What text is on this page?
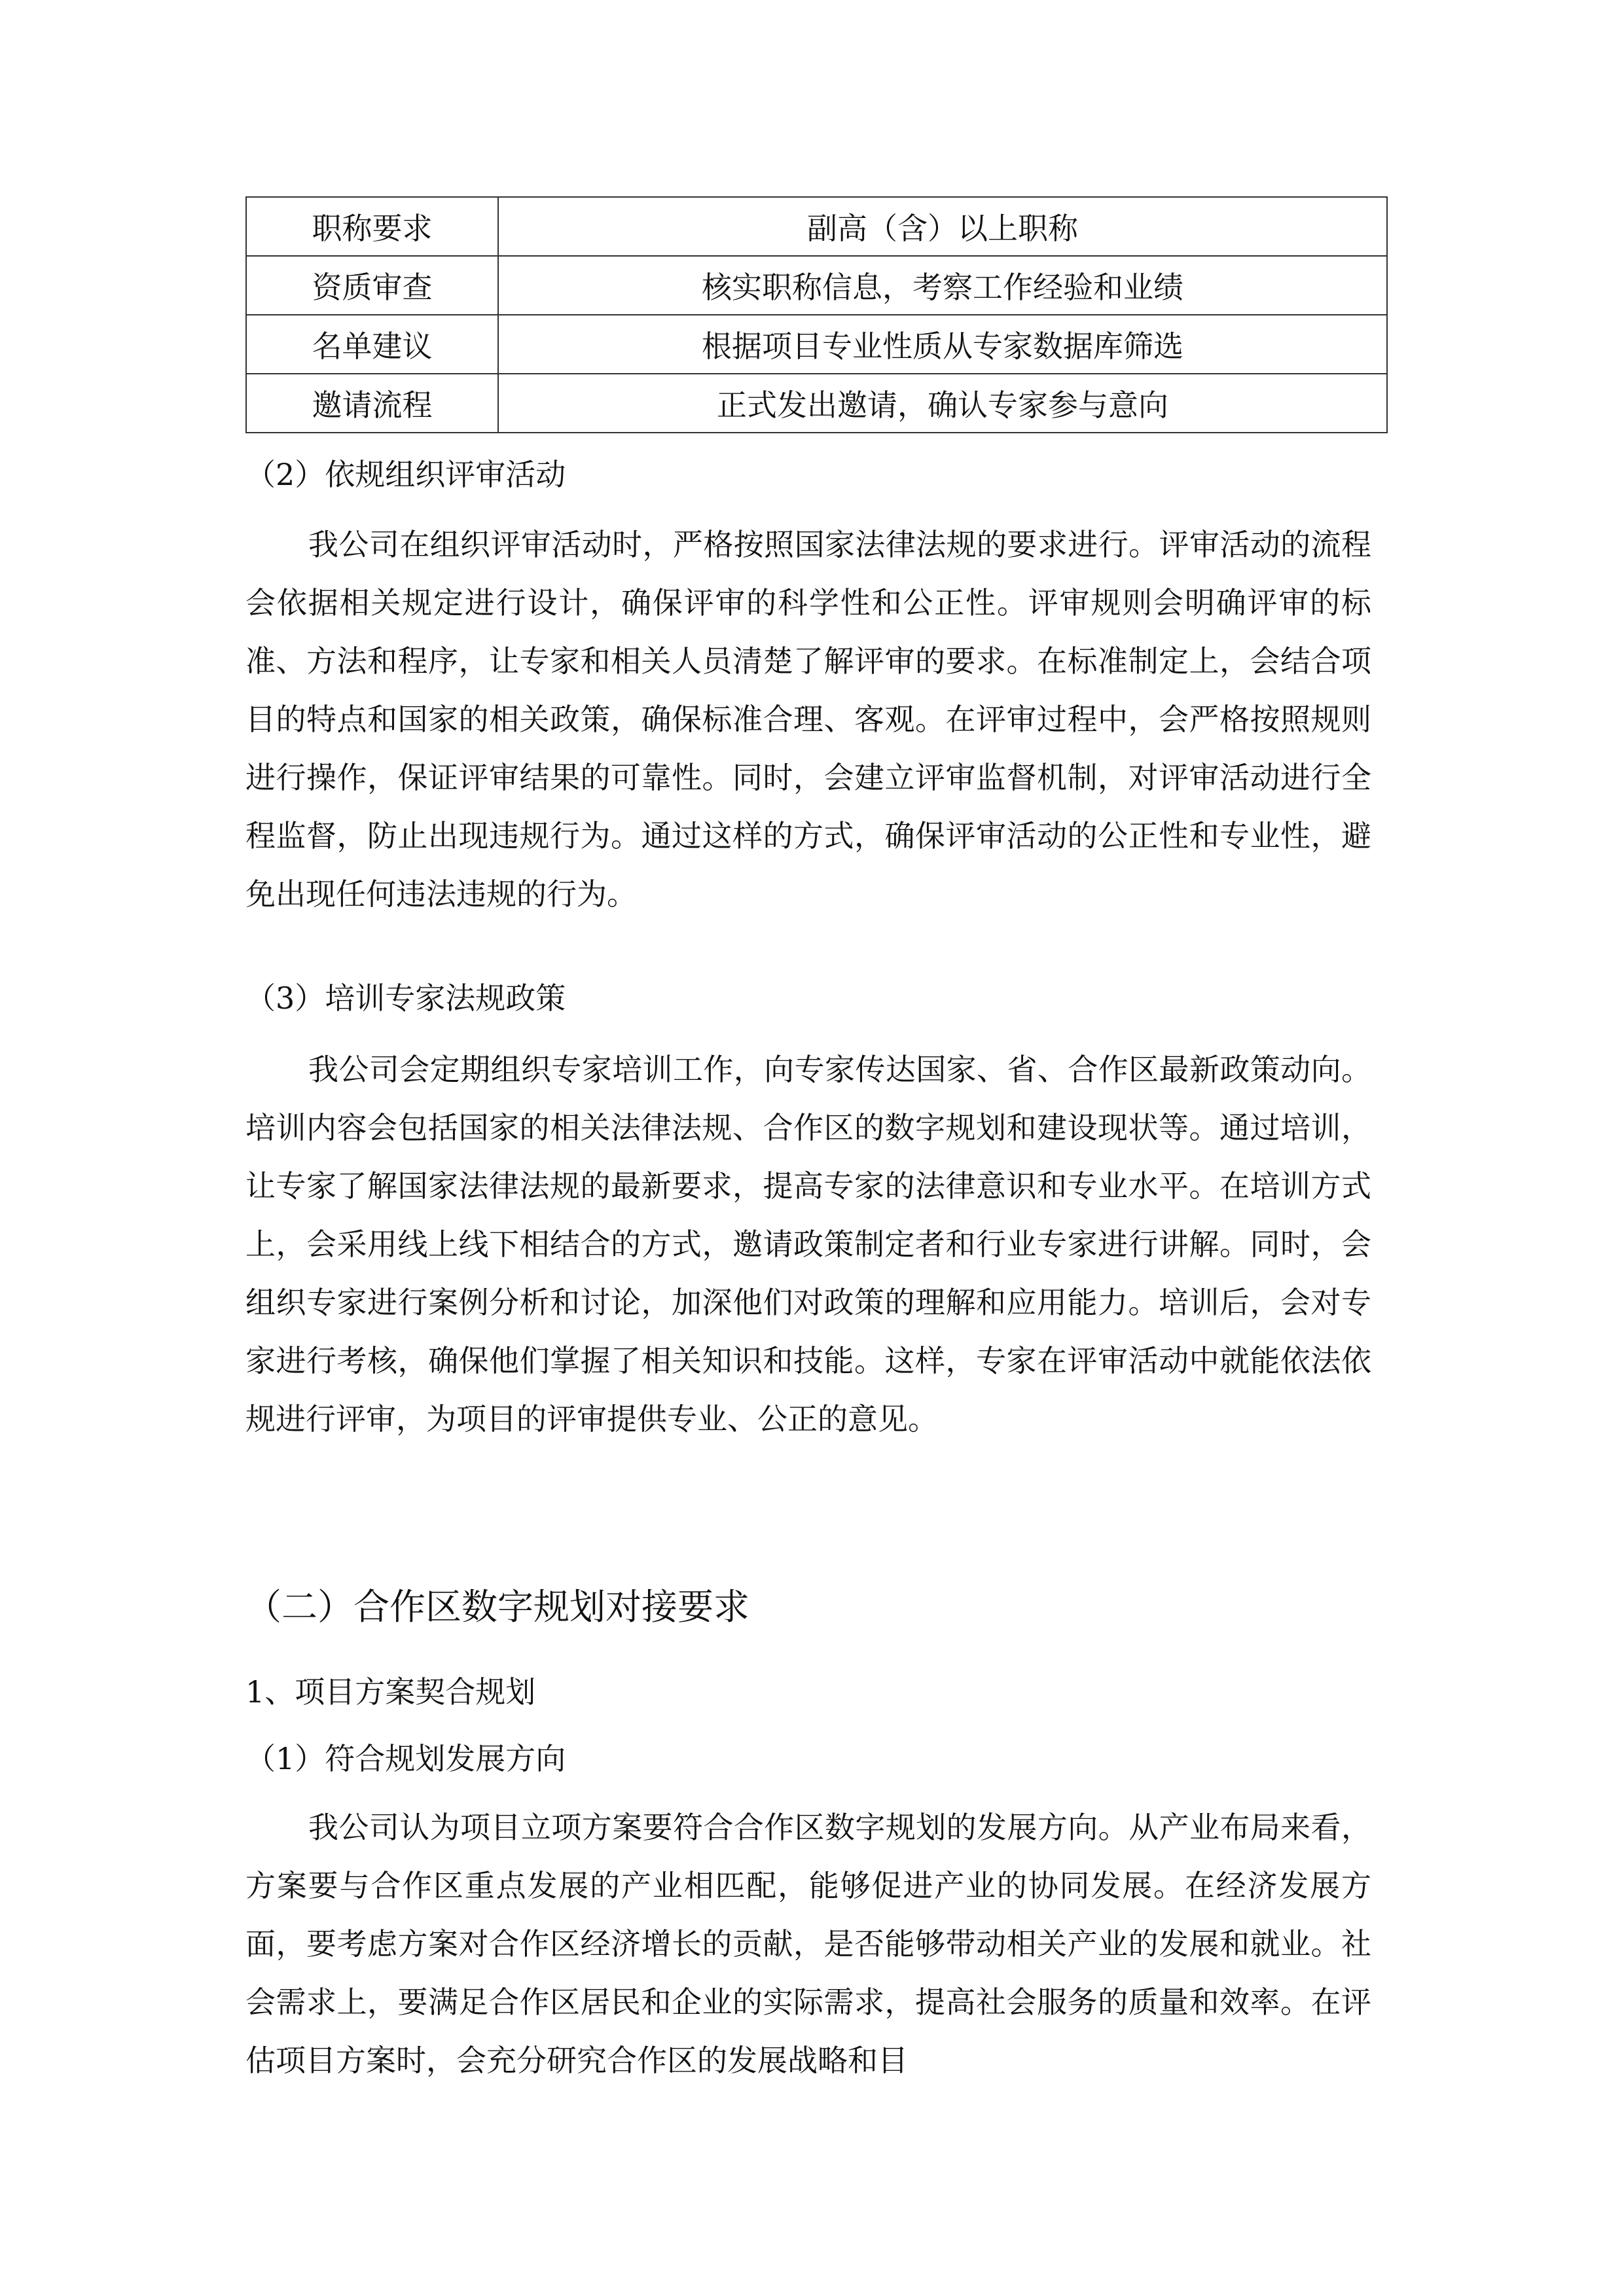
职称要求	副高（含）以上职称
资质审查	核实职称信息，考察工作经验和业绩
名单建议	根据项目专业性质从专家数据库筛选
邀请流程	正式发出邀请，确认专家参与意向
（2）依规组织评审活动
我公司在组织评审活动时，严格按照国家法律法规的要求进行。评审活动的流程会依据相关规定进行设计，确保评审的科学性和公正性。评审规则会明确评审的标准、方法和程序，让专家和相关人员清楚了解评审的要求。在标准制定上，会结合项目的特点和国家的相关政策，确保标准合理、客观。在评审过程中，会严格按照规则进行操作，保证评审结果的可靠性。同时，会建立评审监督机制，对评审活动进行全程监督，防止出现违规行为。通过这样的方式，确保评审活动的公正性和专业性，避免出现任何违法违规的行为。
（3）培训专家法规政策
我公司会定期组织专家培训工作，向专家传达国家、省、合作区最新政策动向。培训内容会包括国家的相关法律法规、合作区的数字规划和建设现状等。通过培训，让专家了解国家法律法规的最新要求，提高专家的法律意识和专业水平。在培训方式上，会采用线上线下相结合的方式，邀请政策制定者和行业专家进行讲解。同时，会组织专家进行案例分析和讨论，加深他们对政策的理解和应用能力。培训后，会对专家进行考核，确保他们掌握了相关知识和技能。这样，专家在评审活动中就能依法依规进行评审，为项目的评审提供专业、公正的意见。
（二）合作区数字规划对接要求
1、项目方案契合规划
（1）符合规划发展方向
我公司认为项目立项方案要符合合作区数字规划的发展方向。从产业布局来看，方案要与合作区重点发展的产业相匹配，能够促进产业的协同发展。在经济发展方面，要考虑方案对合作区经济增长的贡献，是否能够带动相关产业的发展和就业。社会需求上，要满足合作区居民和企业的实际需求，提高社会服务的质量和效率。在评估项目方案时，会充分研究合作区的发展战略和目
